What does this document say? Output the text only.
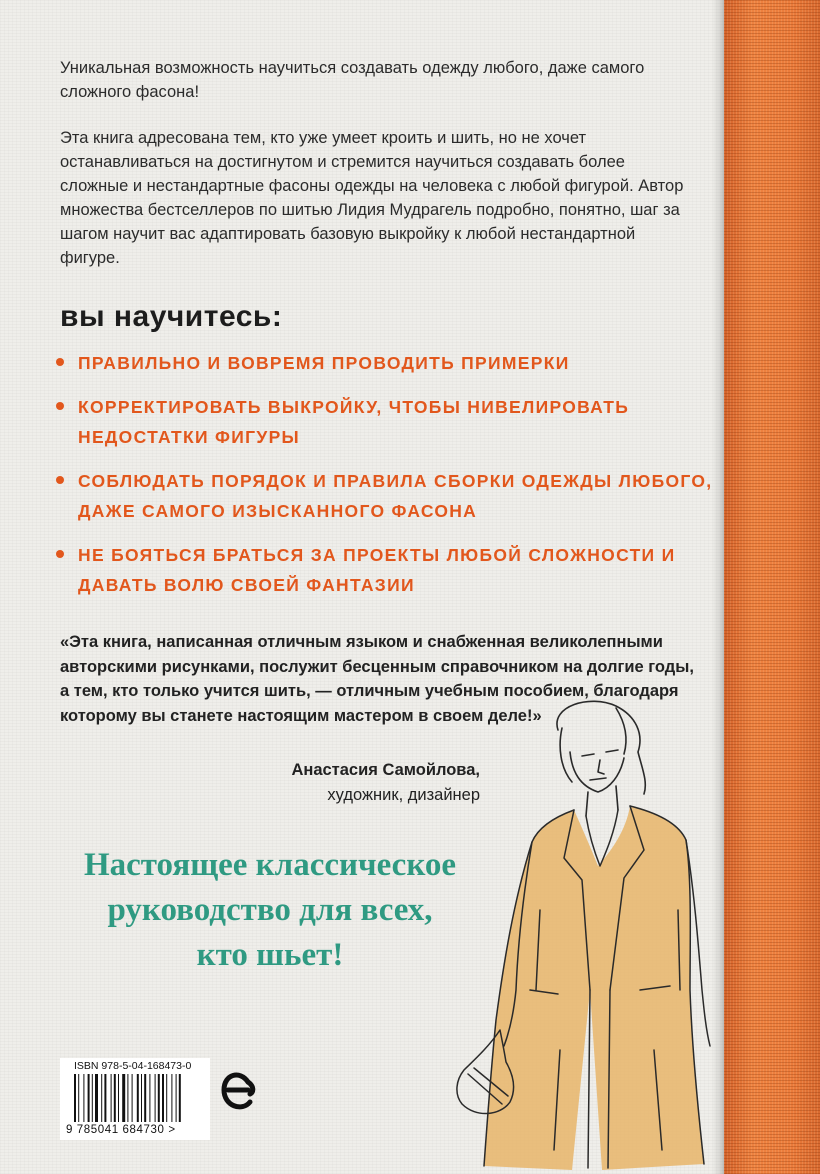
Уникальная возможность научиться создавать одежду любого, даже самого сложного фасона!

Эта книга адресована тем, кто уже умеет кроить и шить, но не хочет останавливаться на достигнутом и стремится научиться создавать более сложные и нестандартные фасоны одежды на человека с любой фигурой. Автор множества бестселлеров по шитью Лидия Мудрагель подробно, понятно, шаг за шагом научит вас адаптировать базовую выкройку к любой нестандартной фигуре.

вы научитесь:
ПРАВИЛЬНО И ВОВРЕМЯ ПРОВОДИТЬ ПРИМЕРКИ
КОРРЕКТИРОВАТЬ ВЫКРОЙКУ, ЧТОБЫ НИВЕЛИРОВАТЬ НЕДОСТАТКИ ФИГУРЫ
СОБЛЮДАТЬ ПОРЯДОК И ПРАВИЛА СБОРКИ ОДЕЖДЫ ЛЮБОГО, ДАЖЕ САМОГО ИЗЫСКАННОГО ФАСОНА
НЕ БОЯТЬСЯ БРАТЬСЯ ЗА ПРОЕКТЫ ЛЮБОЙ СЛОЖНОСТИ И ДАВАТЬ ВОЛЮ СВОЕЙ ФАНТАЗИИ

«Эта книга, написанная отличным языком и снабженная великолепными авторскими рисунками, послужит бесценным справочником на долгие годы, а тем, кто только учится шить, — отличным учебным пособием, благодаря которому вы станете настоящим мастером в своем деле!»

Анастасия Самойлова,
художник, дизайнер
Настоящее классическое
руководство для всех,
кто шьет!
ISBN 978-5-04-168473-0
9 785041 684730 >
